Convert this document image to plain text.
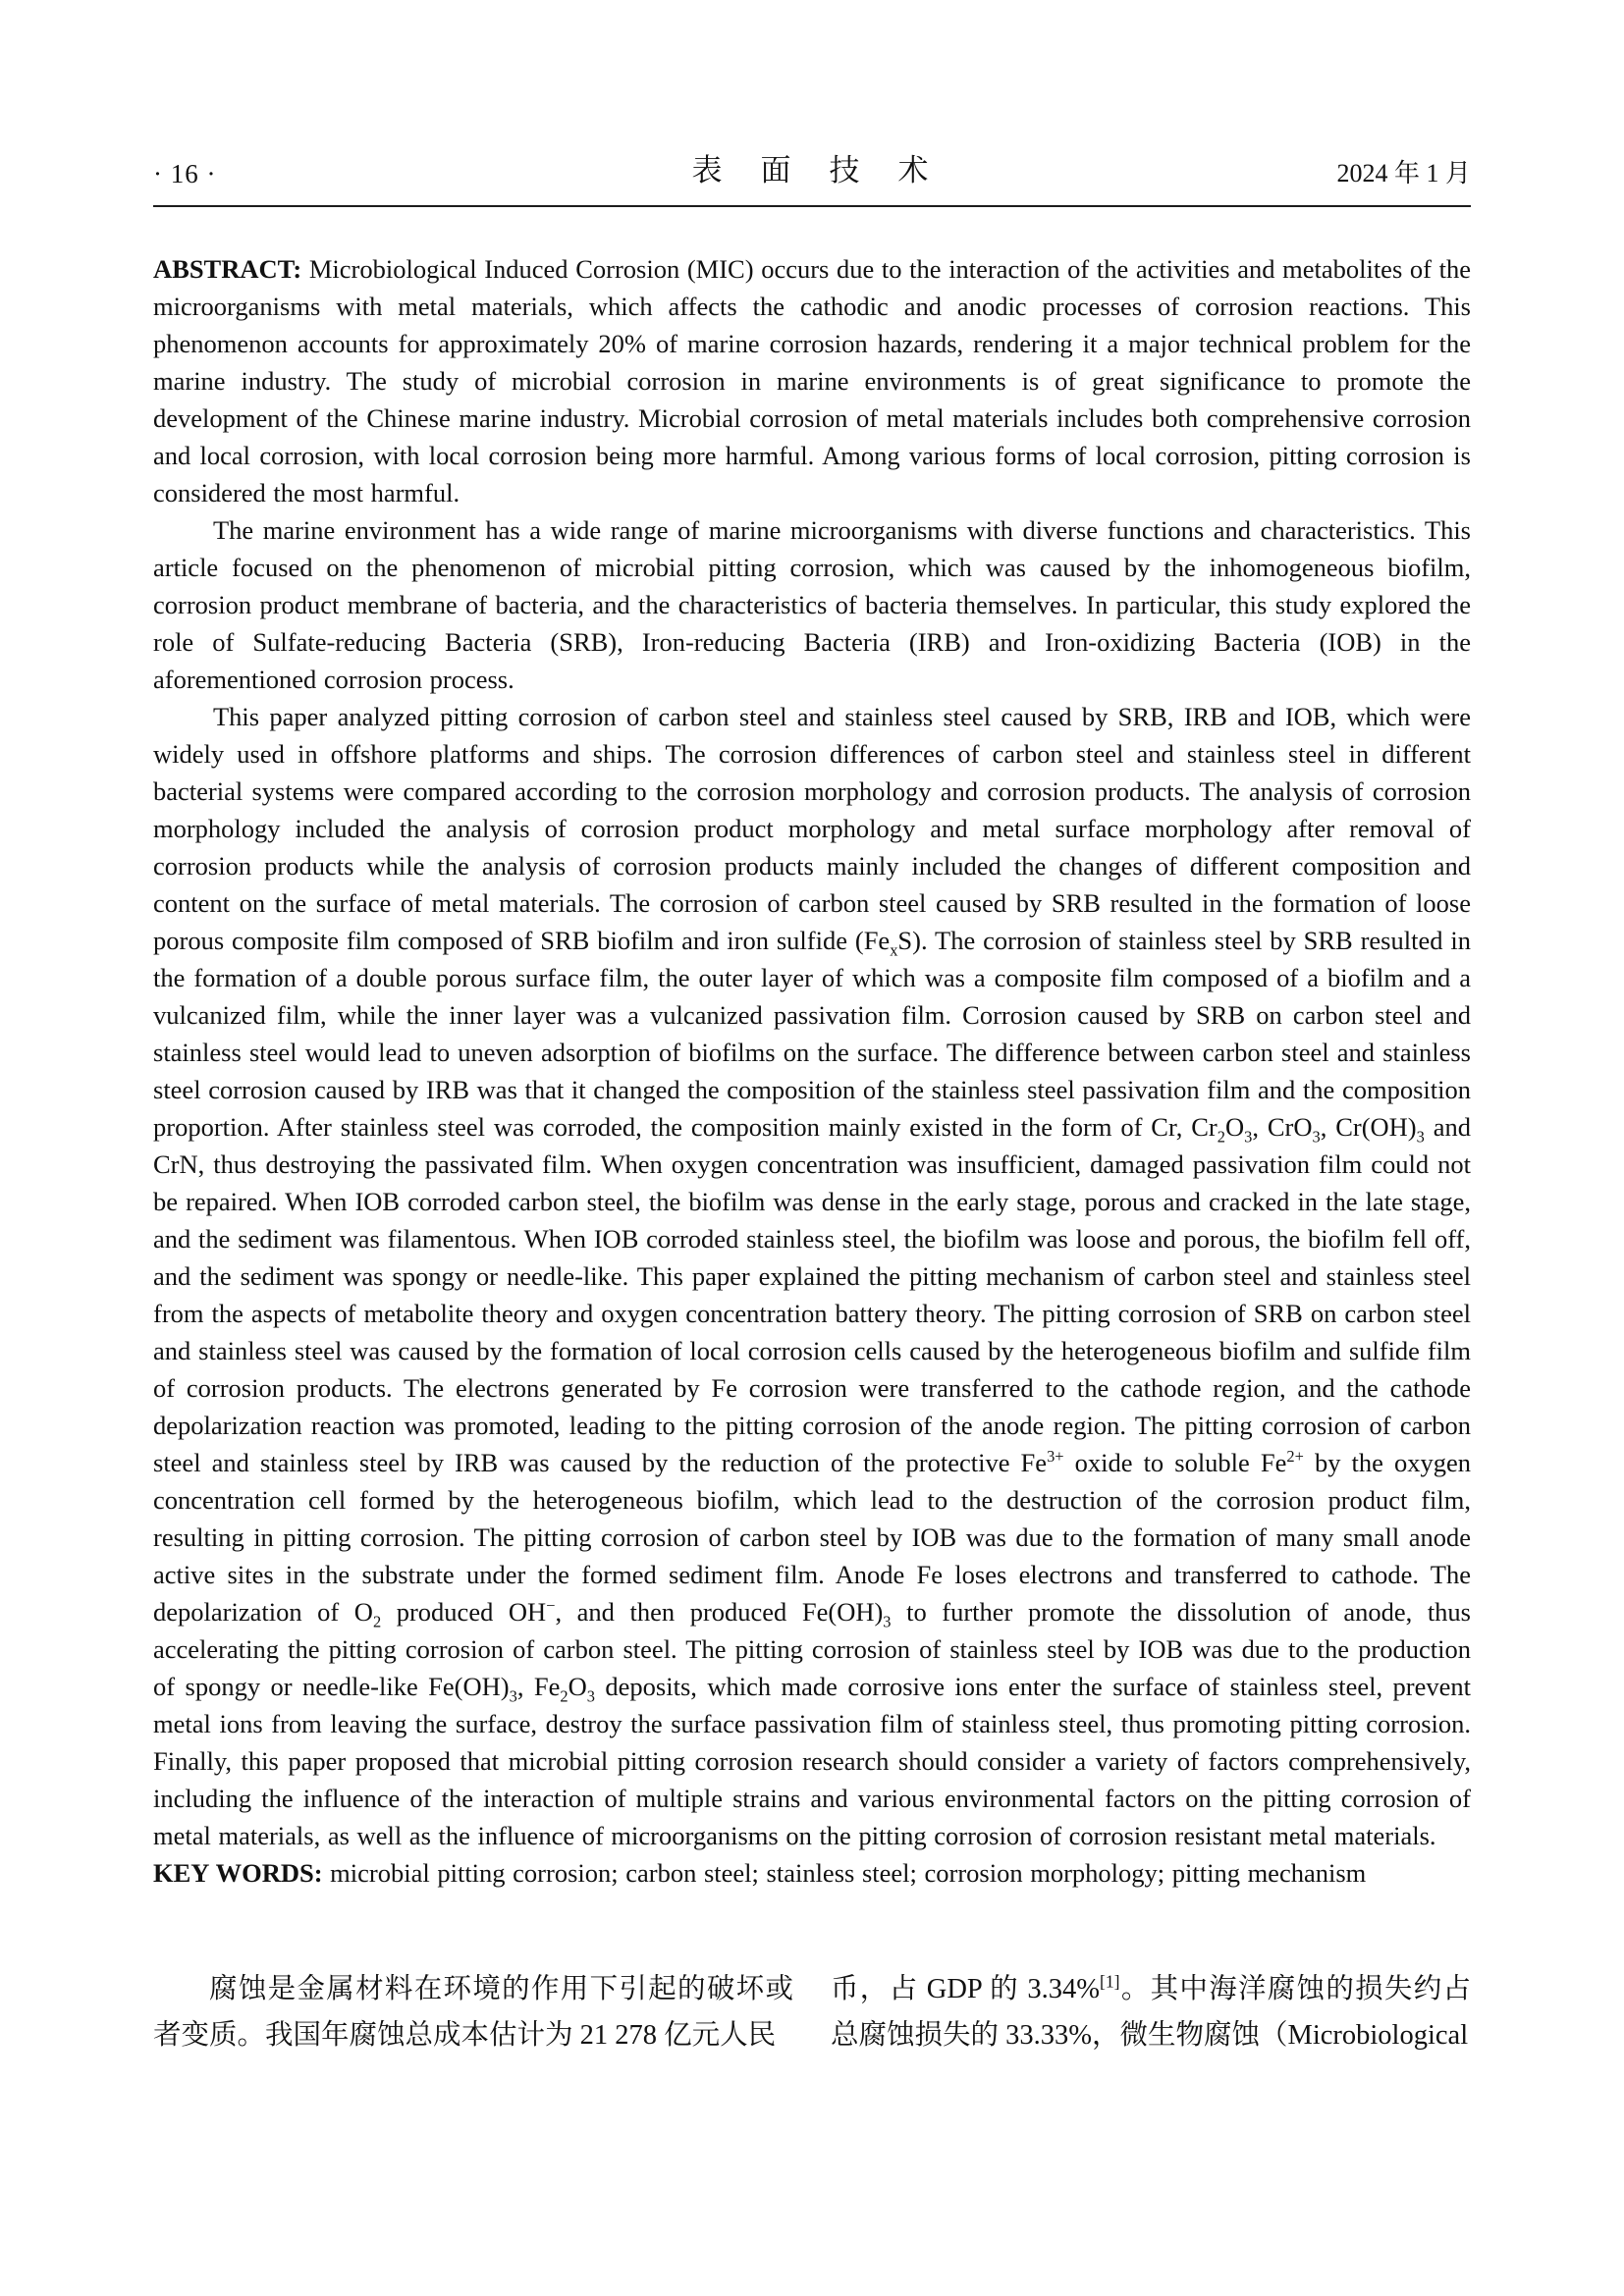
· 16 ·	表　面　技　术	2024 年 1 月

ABSTRACT: Microbiological Induced Corrosion (MIC) occurs due to the interaction of the activities and metabolites of the microorganisms with metal materials, which affects the cathodic and anodic processes of corrosion reactions. This phenomenon accounts for approximately 20% of marine corrosion hazards, rendering it a major technical problem for the marine industry. The study of microbial corrosion in marine environments is of great significance to promote the development of the Chinese marine industry. Microbial corrosion of metal materials includes both comprehensive corrosion and local corrosion, with local corrosion being more harmful. Among various forms of local corrosion, pitting corrosion is considered the most harmful.

The marine environment has a wide range of marine microorganisms with diverse functions and characteristics. This article focused on the phenomenon of microbial pitting corrosion, which was caused by the inhomogeneous biofilm, corrosion product membrane of bacteria, and the characteristics of bacteria themselves. In particular, this study explored the role of Sulfate-reducing Bacteria (SRB), Iron-reducing Bacteria (IRB) and Iron-oxidizing Bacteria (IOB) in the aforementioned corrosion process.

This paper analyzed pitting corrosion of carbon steel and stainless steel caused by SRB, IRB and IOB, which were widely used in offshore platforms and ships. The corrosion differences of carbon steel and stainless steel in different bacterial systems were compared according to the corrosion morphology and corrosion products. The analysis of corrosion morphology included the analysis of corrosion product morphology and metal surface morphology after removal of corrosion products while the analysis of corrosion products mainly included the changes of different composition and content on the surface of metal materials. The corrosion of carbon steel caused by SRB resulted in the formation of loose porous composite film composed of SRB biofilm and iron sulfide $(Fe_xS)$. The corrosion of stainless steel by SRB resulted in the formation of a double porous surface film, the outer layer of which was a composite film composed of a biofilm and a vulcanized film, while the inner layer was a vulcanized passivation film. Corrosion caused by SRB on carbon steel and stainless steel would lead to uneven adsorption of biofilms on the surface. The difference between carbon steel and stainless steel corrosion caused by IRB was that it changed the composition of the stainless steel passivation film and the composition proportion. After stainless steel was corroded, the composition mainly existed in the form of Cr, $Cr_2O_3$, CrO$_3$, $Cr(OH)_3$ and CrN, thus destroying the passivated film. When oxygen concentration was insufficient, damaged passivation film could not be repaired. When IOB corroded carbon steel, the biofilm was dense in the early stage, porous and cracked in the late stage, and the sediment was filamentous. When IOB corroded stainless steel, the biofilm was loose and porous, the biofilm fell off, and the sediment was spongy or needle-like. This paper explained the pitting mechanism of carbon steel and stainless steel from the aspects of metabolite theory and oxygen concentration battery theory. The pitting corrosion of SRB on carbon steel and stainless steel was caused by the formation of local corrosion cells caused by the heterogeneous biofilm and sulfide film of corrosion products. The electrons generated by Fe corrosion were transferred to the cathode region, and the cathode depolarization reaction was promoted, leading to the pitting corrosion of the anode region. The pitting corrosion of carbon steel and stainless steel by IRB was caused by the reduction of the protective $Fe^{3+}$ oxide to soluble $Fe^{2+}$ by the oxygen concentration cell formed by the heterogeneous biofilm, which lead to the destruction of the corrosion product film, resulting in pitting corrosion. The pitting corrosion of carbon steel by IOB was due to the formation of many small anode active sites in the substrate under the formed sediment film. Anode Fe loses electrons and transferred to cathode. The depolarization of $O_2$ produced OH−, and then produced $Fe(OH)_3$ to further promote the dissolution of anode, thus accelerating the pitting corrosion of carbon steel. The pitting corrosion of stainless steel by IOB was due to the production of spongy or needle-like $Fe(OH)_3$, $Fe_2O_3$ deposits, which made corrosive ions enter the surface of stainless steel, prevent metal ions from leaving the surface, destroy the surface passivation film of stainless steel, thus promoting pitting corrosion. Finally, this paper proposed that microbial pitting corrosion research should consider a variety of factors comprehensively, including the influence of the interaction of multiple strains and various environmental factors on the pitting corrosion of metal materials, as well as the influence of microorganisms on the pitting corrosion of corrosion resistant metal materials.

KEY WORDS: microbial pitting corrosion; carbon steel; stainless steel; corrosion morphology; pitting mechanism

腐蚀是金属材料在环境的作用下引起的破坏或者变质。我国年腐蚀总成本估计为 21 278 亿元人民
币，占 GDP 的 3.34%[1]。其中海洋腐蚀的损失约占总腐蚀损失的 33.33%，微生物腐蚀（Microbiological
